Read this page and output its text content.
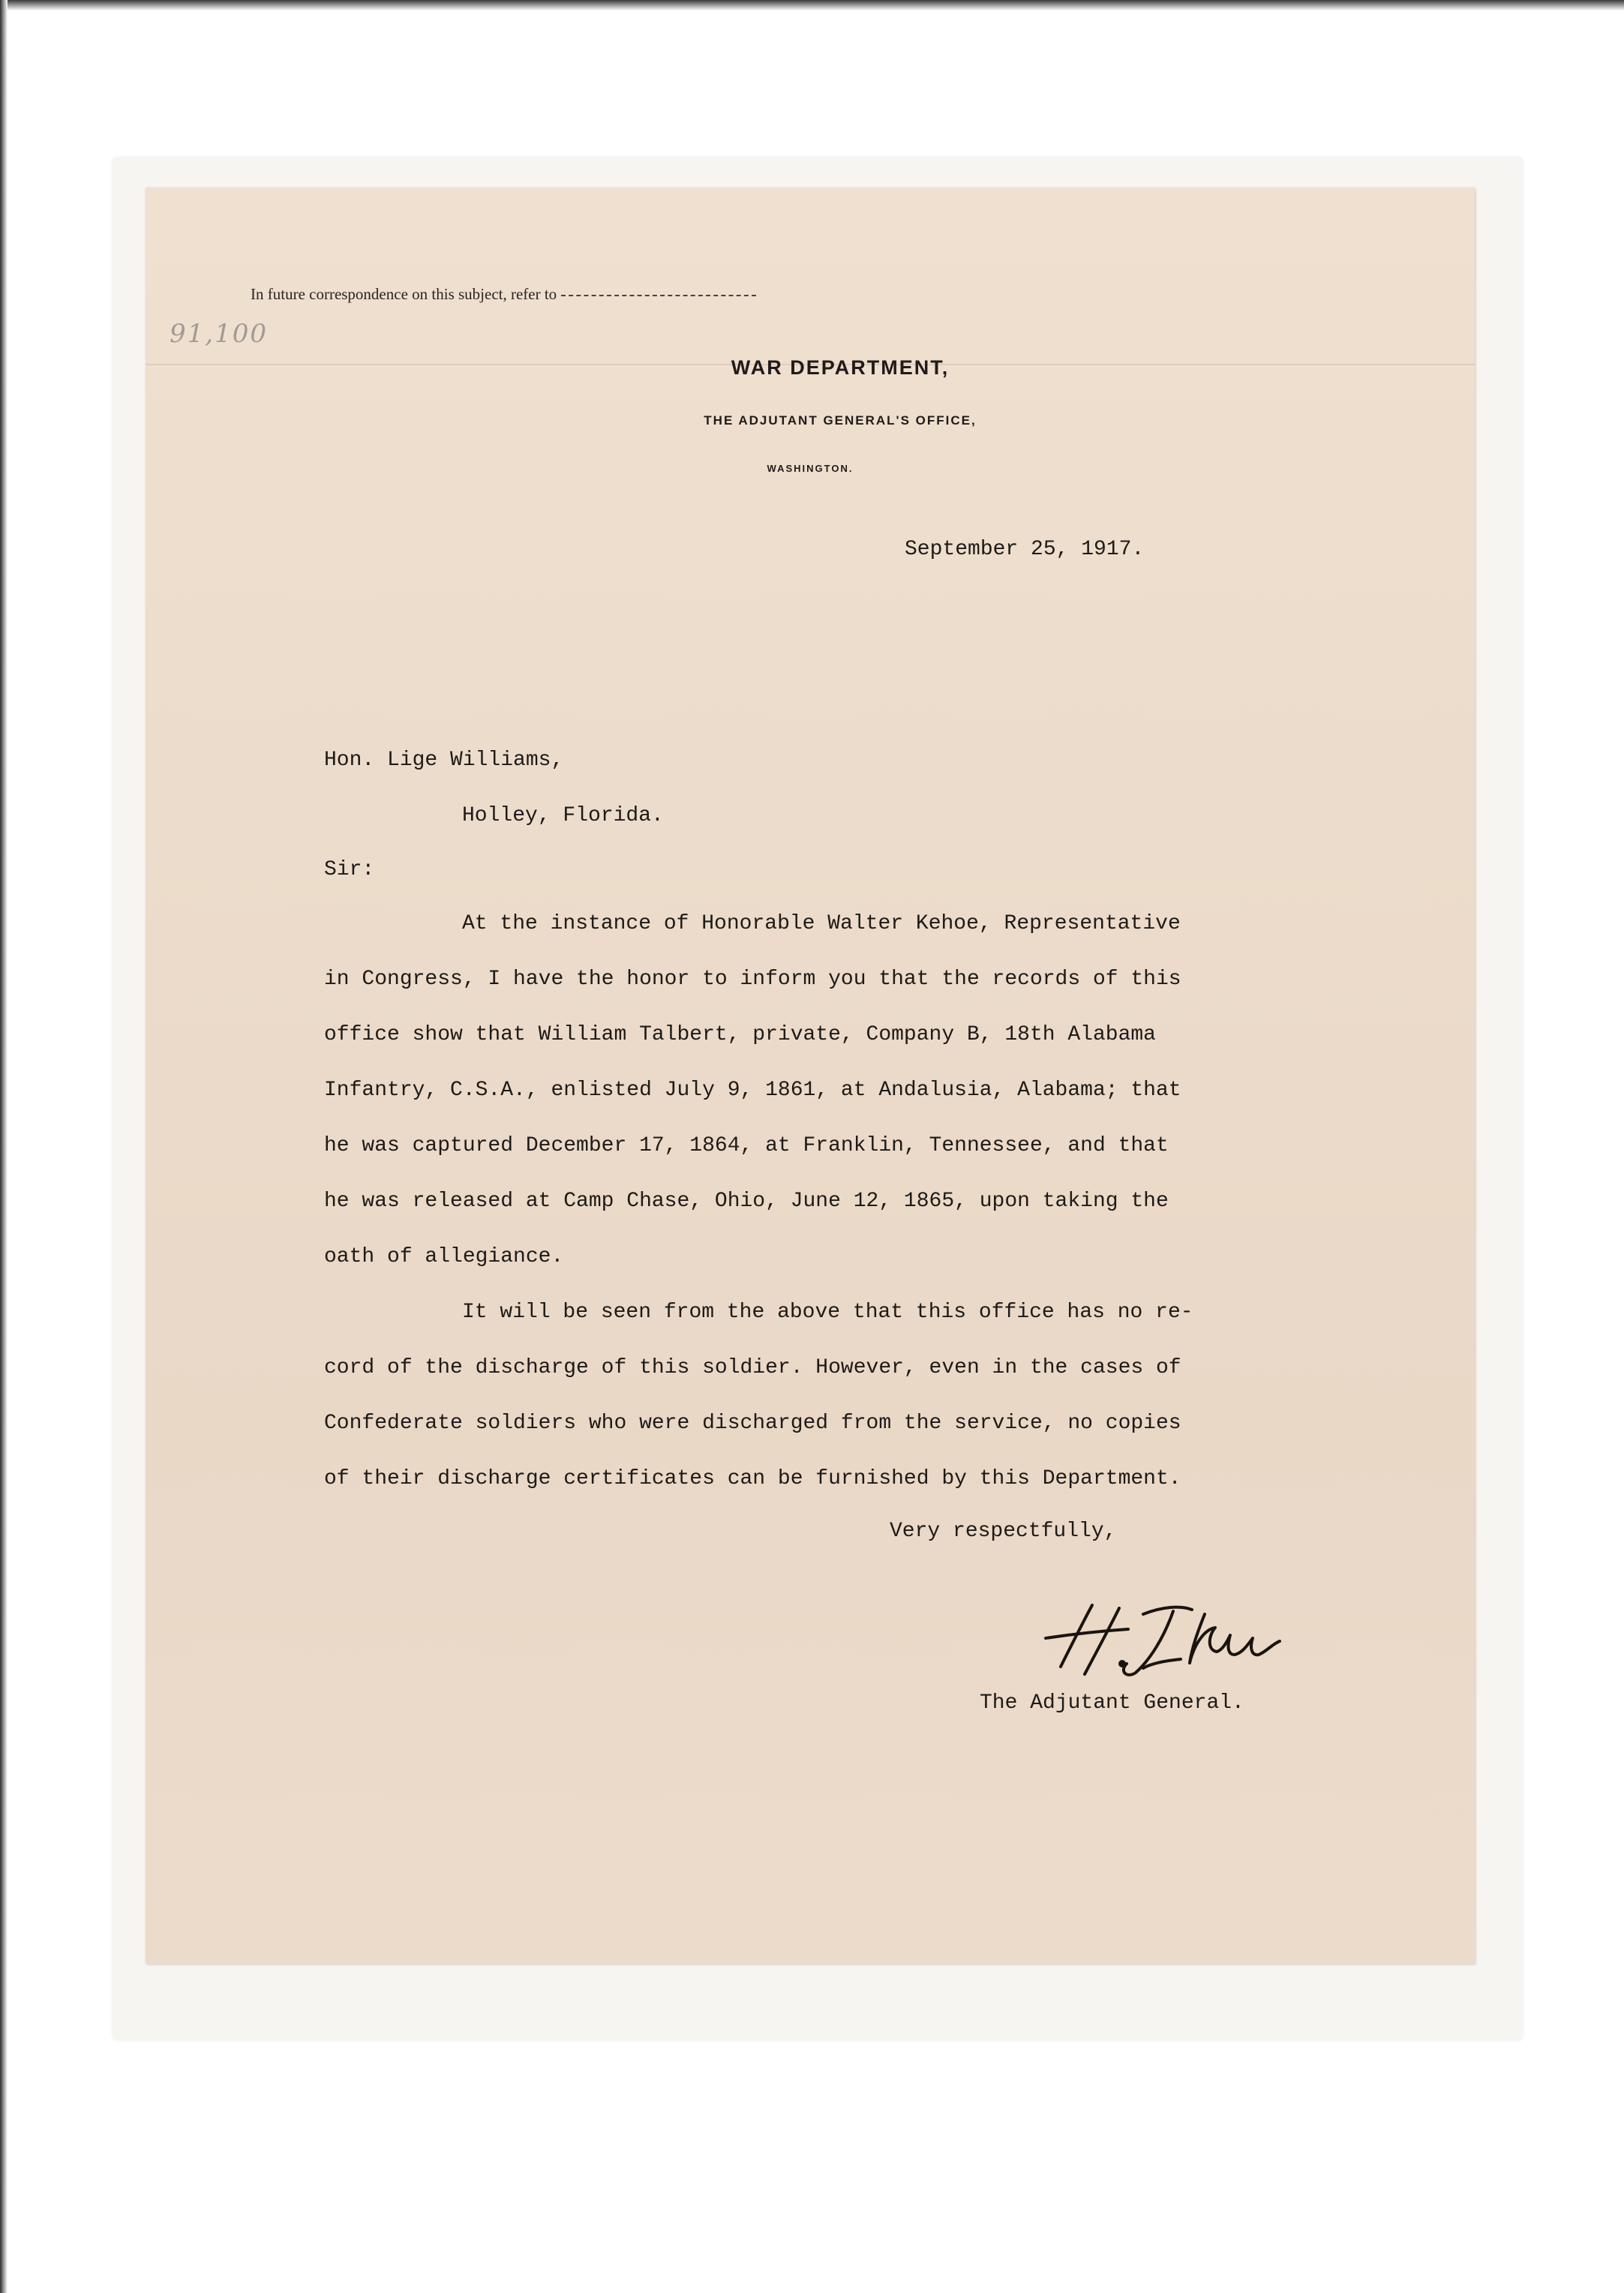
In future correspondence on this subject, refer to
91,100
WAR DEPARTMENT,
THE ADJUTANT GENERAL'S OFFICE,
WASHINGTON.
September 25, 1917.
Hon. Lige Williams,
Holley, Florida.
Sir:
At the instance of Honorable Walter Kehoe, Representative
in Congress, I have the honor to inform you that the records of this
office show that William Talbert, private, Company B, 18th Alabama
Infantry, C.S.A., enlisted July 9, 1861, at Andalusia, Alabama; that
he was captured December 17, 1864, at Franklin, Tennessee, and that
he was released at Camp Chase, Ohio, June 12, 1865, upon taking the
oath of allegiance.
It will be seen from the above that this office has no re-
cord of the discharge of this soldier. However, even in the cases of
Confederate soldiers who were discharged from the service, no copies
of their discharge certificates can be furnished by this Department.
Very respectfully,
The Adjutant General.
